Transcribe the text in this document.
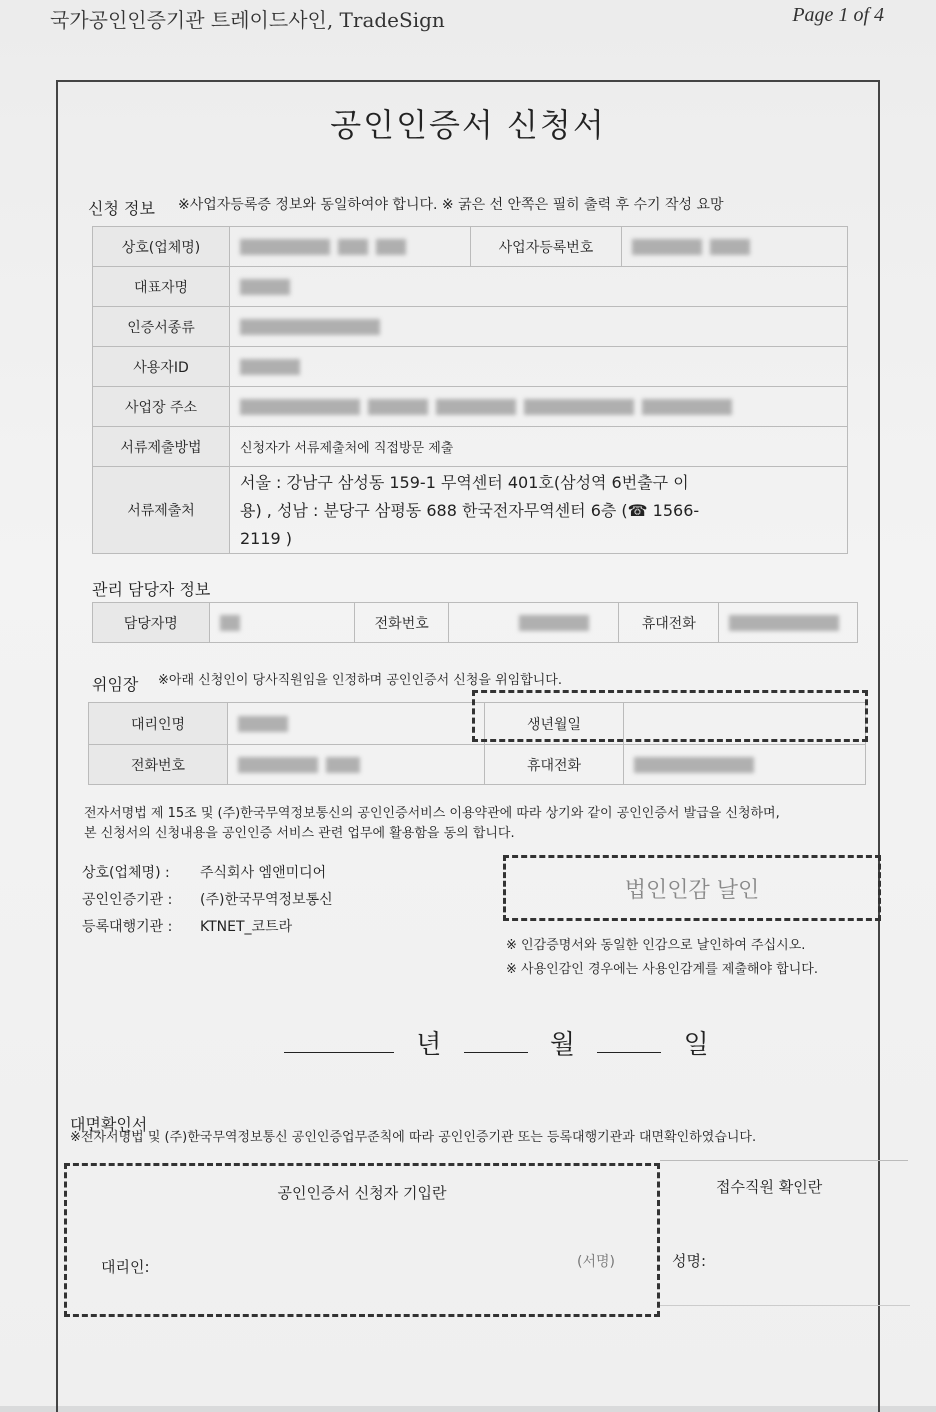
국가공인인증기관 트레이드사인, TradeSign	Page 1 of 4
공인인증서 신청서
신청 정보 ※사업자등록증 정보와 동일하여야 합니다. ※ 굵은 선 안쪽은 필히 출력 후 수기 작성 요망
상호(업체명)		사업자등록번호	
대표자명			
인증서종류			
사용자ID			
사업장 주소			
서류제출방법	신청자가 서류제출처에 직접방문 제출		
서류제출처	서울 : 강남구 삼성동 159-1 무역센터 401호(삼성역 6번출구 이
용) , 성남 : 분당구 삼평동 688 한국전자무역센터 6층 (☎ 1566-
2119 )		
관리 담당자 정보
담당자명		전화번호		휴대전화	
위임장 ※아래 신청인이 당사직원임을 인정하며 공인인증서 신청을 위임합니다.
대리인명		생년월일	
전화번호		휴대전화	
전자서명법 제 15조 및 (주)한국무역정보통신의 공인인증서비스 이용약관에 따라 상기와 같이 공인인증서 발급을 신청하며,
본 신청서의 신청내용을 공인인증 서비스 관련 업무에 활용함을 동의 합니다.
상호(업체명) : 주식회사 엠앤미디어
공인인증기관 : (주)한국무역정보통신
등록대행기관 : KTNET_코트라
법인인감 날인
※ 인감증명서와 동일한 인감으로 날인하여 주십시오.
※ 사용인감인 경우에는 사용인감계를 제출해야 합니다.
년	월	일
대면확인서
※전자서명법 및 (주)한국무역정보통신 공인인증업무준칙에 따라 공인인증기관 또는 등록대행기관과 대면확인하였습니다.
공인인증서 신청자 기입란
대리인:	(서명)
접수직원 확인란
성명:
